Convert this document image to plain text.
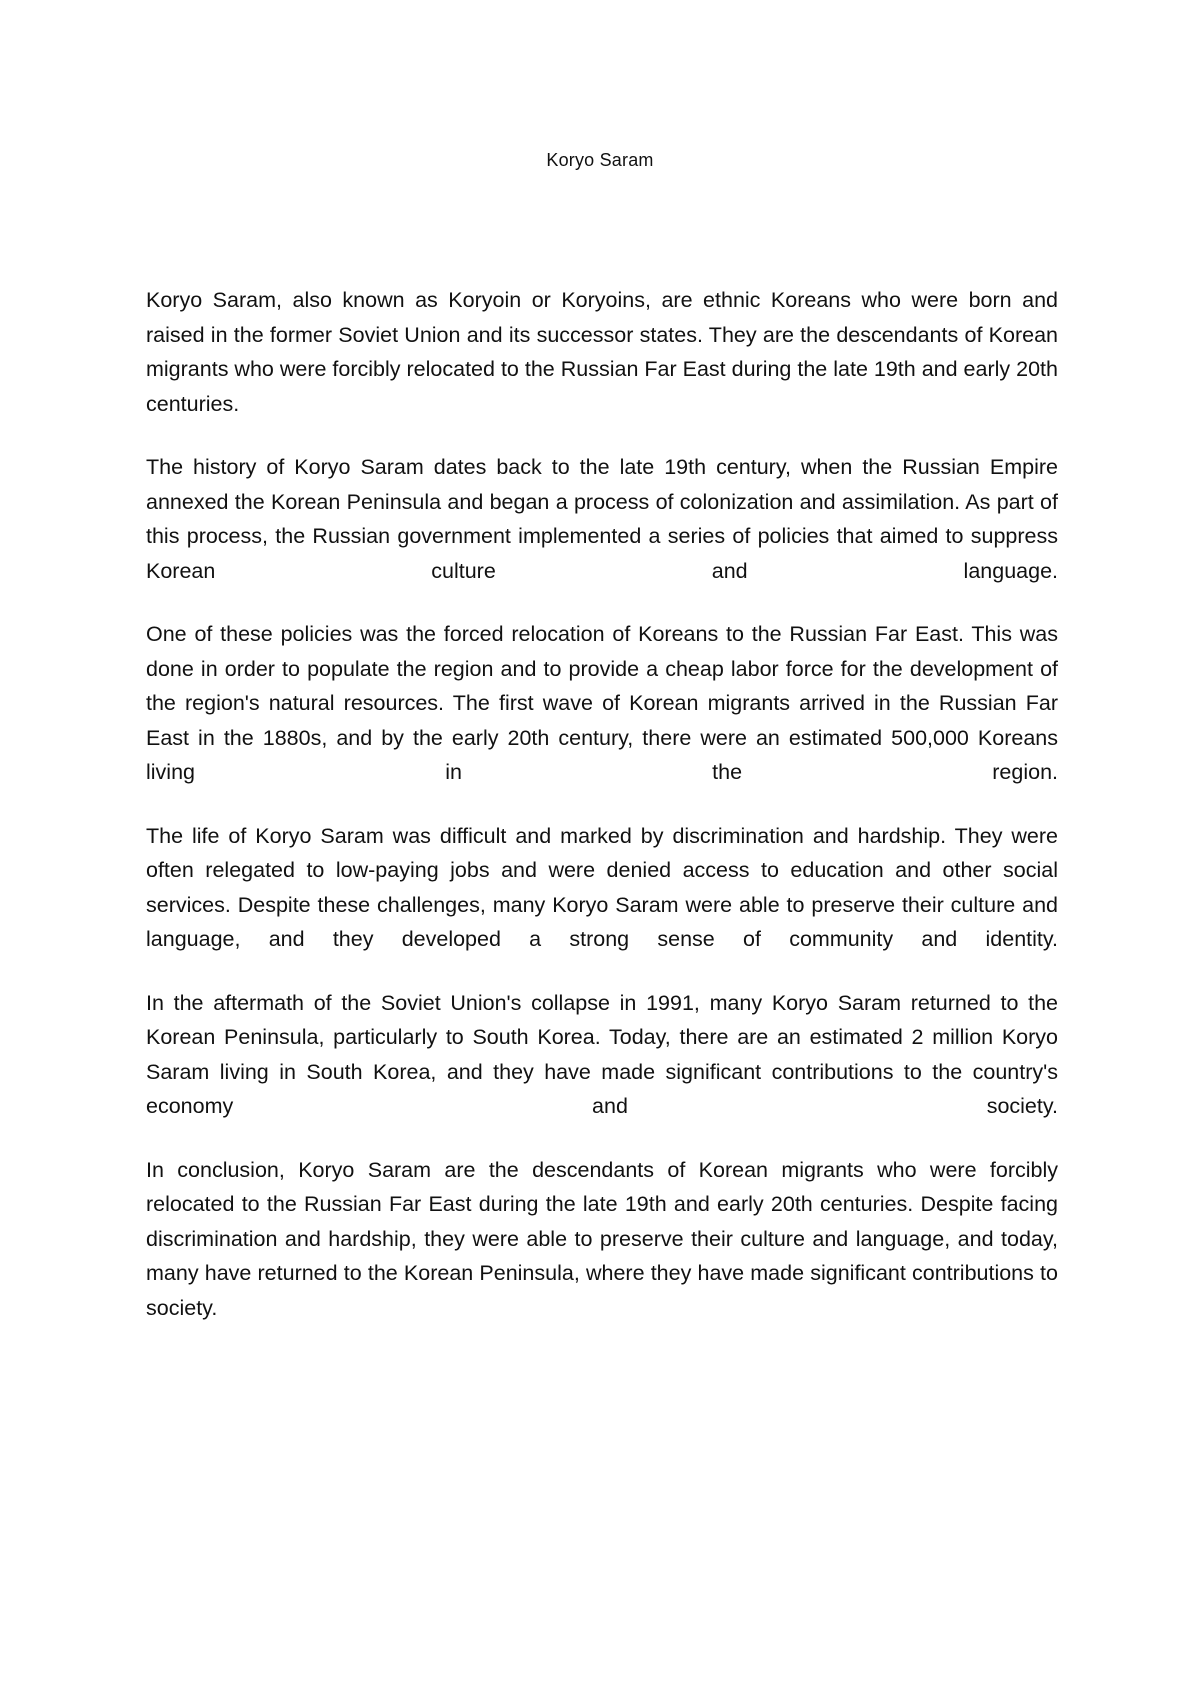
Koryo Saram

Koryo Saram, also known as Koryoin or Koryoins, are ethnic Koreans who were born and raised in the former Soviet Union and its successor states. They are the descendants of Korean migrants who were forcibly relocated to the Russian Far East during the late 19th and early 20th centuries.

The history of Koryo Saram dates back to the late 19th century, when the Russian Empire annexed the Korean Peninsula and began a process of colonization and assimilation. As part of this process, the Russian government implemented a series of policies that aimed to suppress Korean culture and language.

One of these policies was the forced relocation of Koreans to the Russian Far East. This was done in order to populate the region and to provide a cheap labor force for the development of the region's natural resources. The first wave of Korean migrants arrived in the Russian Far East in the 1880s, and by the early 20th century, there were an estimated 500,000 Koreans living in the region.

The life of Koryo Saram was difficult and marked by discrimination and hardship. They were often relegated to low-paying jobs and were denied access to education and other social services. Despite these challenges, many Koryo Saram were able to preserve their culture and language, and they developed a strong sense of community and identity.

In the aftermath of the Soviet Union's collapse in 1991, many Koryo Saram returned to the Korean Peninsula, particularly to South Korea. Today, there are an estimated 2 million Koryo Saram living in South Korea, and they have made significant contributions to the country's economy and society.

In conclusion, Koryo Saram are the descendants of Korean migrants who were forcibly relocated to the Russian Far East during the late 19th and early 20th centuries. Despite facing discrimination and hardship, they were able to preserve their culture and language, and today, many have returned to the Korean Peninsula, where they have made significant contributions to society.
